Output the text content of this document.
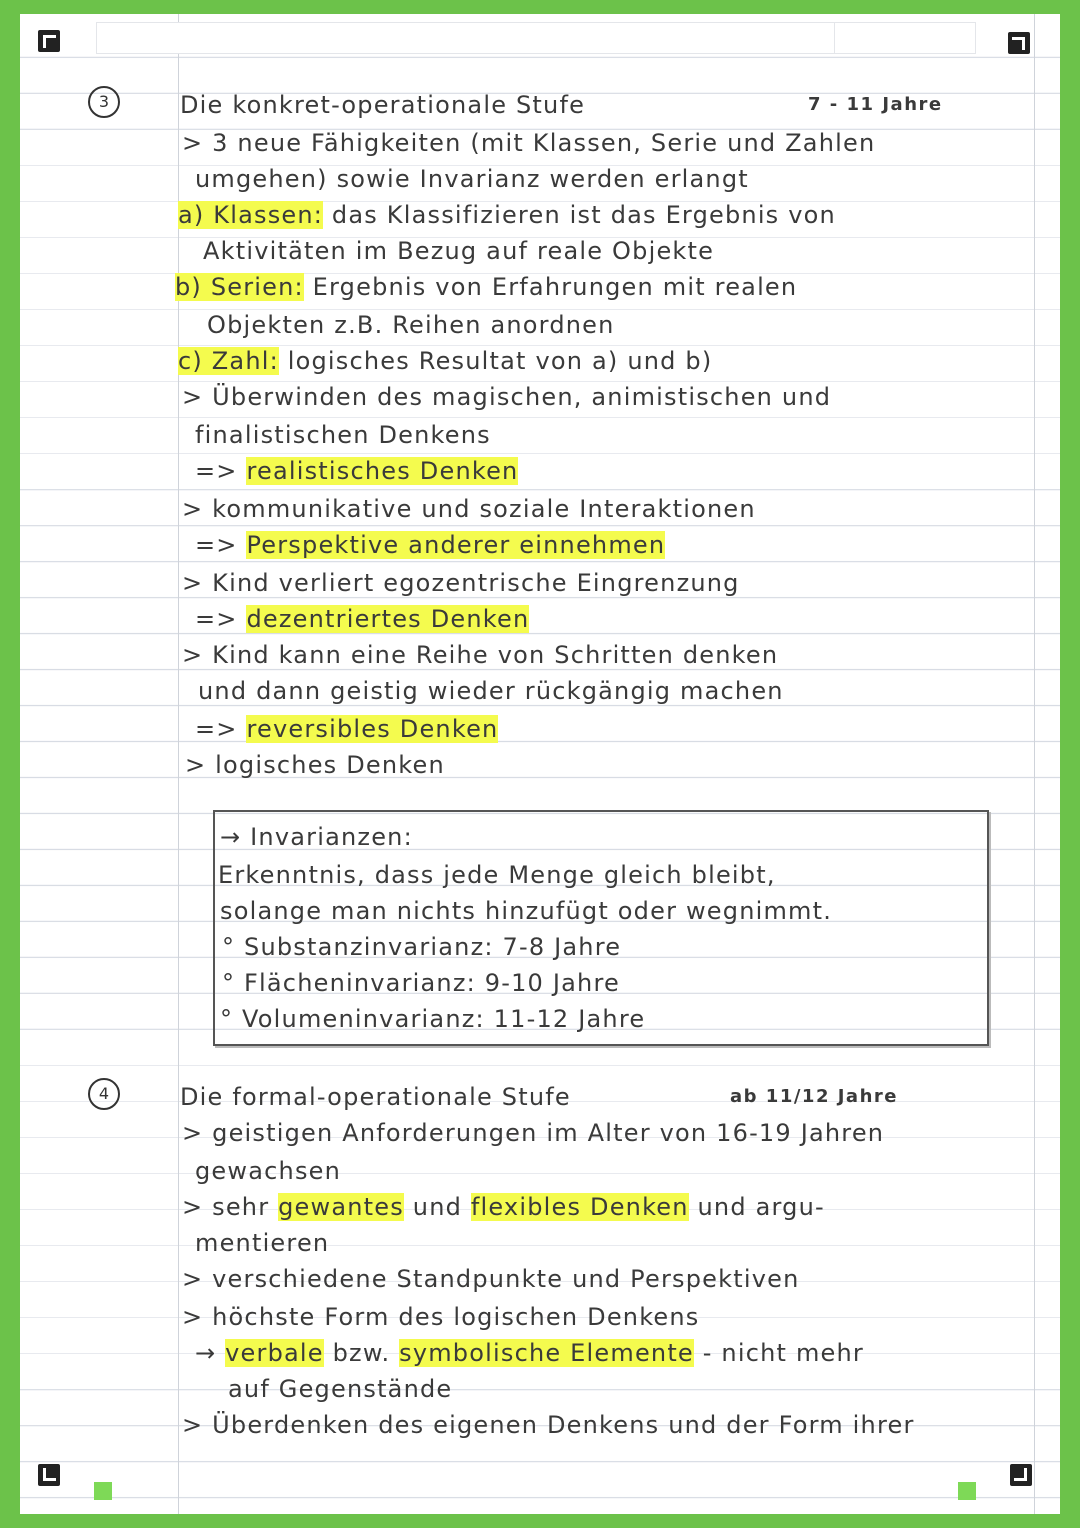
3	Die konkret-operationale Stufe	7 - 11 Jahre
> 3 neue Fähigkeiten (mit Klassen, Serie und Zahlen
umgehen) sowie Invarianz werden erlangt
a) Klassen: das Klassifizieren ist das Ergebnis von
Aktivitäten im Bezug auf reale Objekte
b) Serien: Ergebnis von Erfahrungen mit realen
Objekten z.B. Reihen anordnen
c) Zahl: logisches Resultat von a) und b)
> Überwinden des magischen, animistischen und
finalistischen Denkens
=> realistisches Denken
> kommunikative und soziale Interaktionen
=> Perspektive anderer einnehmen
> Kind verliert egozentrische Eingrenzung
=> dezentriertes Denken
> Kind kann eine Reihe von Schritten denken
und dann geistig wieder rückgängig machen
=> reversibles Denken
> logisches Denken
→ Invarianzen:
Erkenntnis, dass jede Menge gleich bleibt,
solange man nichts hinzufügt oder wegnimmt.
° Substanzinvarianz: 7-8 Jahre
° Flächeninvarianz: 9-10 Jahre
° Volumeninvarianz: 11-12 Jahre
4	Die formal-operationale Stufe	ab 11/12 Jahre
> geistigen Anforderungen im Alter von 16-19 Jahren
gewachsen
> sehr gewantes und flexibles Denken und argu-
mentieren
> verschiedene Standpunkte und Perspektiven
> höchste Form des logischen Denkens
→ verbale bzw. symbolische Elemente - nicht mehr
auf Gegenstände
> Überdenken des eigenen Denkens und der Form ihrer
